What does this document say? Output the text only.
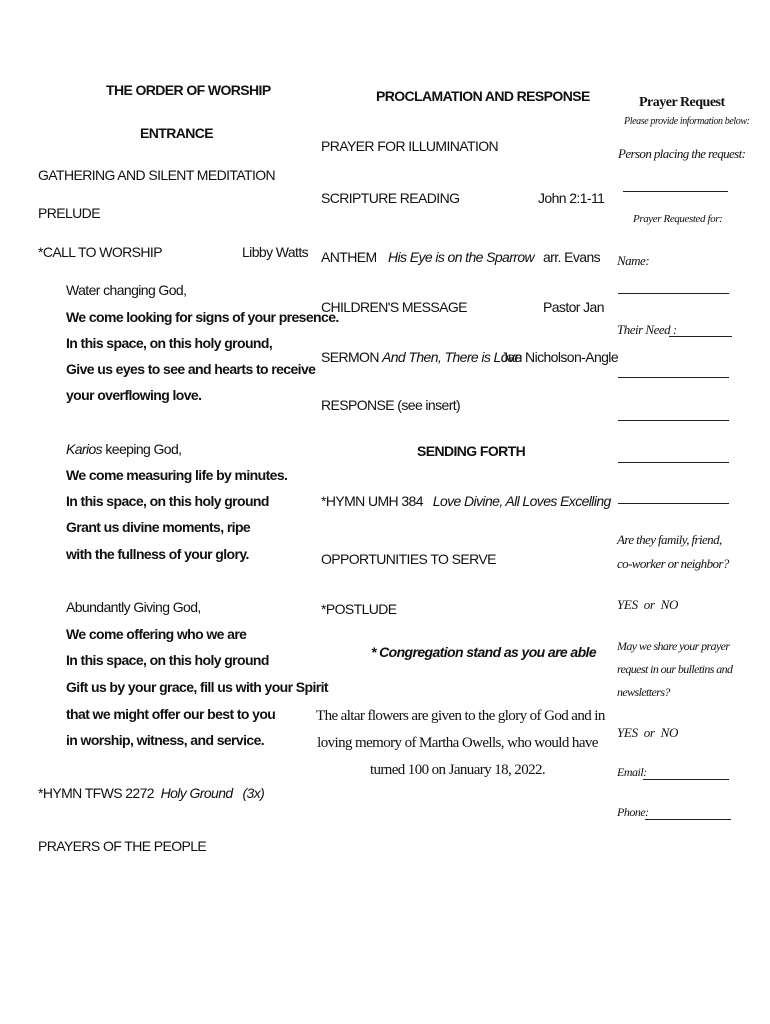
THE ORDER OF WORSHIP
ENTRANCE
GATHERING AND SILENT MEDITATION
PRELUDE
*CALL TO WORSHIP	Libby Watts
Water changing God,
We come looking for signs of your presence.
In this space, on this holy ground,
Give us eyes to see and hearts to receive
your overflowing love.
Karios keeping God,
We come measuring life by minutes.
In this space, on this holy ground
Grant us divine moments, ripe
with the fullness of your glory.
Abundantly Giving God,
We come offering who we are
In this space, on this holy ground
Gift us by your grace, fill us with your Spirit
that we might offer our best to you
in worship, witness, and service.
*HYMN TFWS 2272 Holy Ground (3x)
PRAYERS OF THE PEOPLE
PROCLAMATION AND RESPONSE
PRAYER FOR ILLUMINATION
SCRIPTURE READING	John 2:1-11
ANTHEM His Eye is on the Sparrow arr. Evans
CHILDREN'S MESSAGE	Pastor Jan
SERMON And Then, There is Love
Jan Nicholson-Angle
RESPONSE (see insert)
SENDING FORTH
*HYMN UMH 384 Love Divine, All Loves Excelling
OPPORTUNITIES TO SERVE
*POSTLUDE
* Congregation stand as you are able
The altar flowers are given to the glory of God and in
loving memory of Martha Owells, who would have
turned 100 on January 18, 2022.
Prayer Request
Please provide information below:
Person placing the request:
Prayer Requested for:
Name:
Their Need :
Are they family, friend,
co-worker or neighbor?
YES or NO
May we share your prayer
request in our bulletins and
newsletters?
YES or NO
Email:
Phone:
